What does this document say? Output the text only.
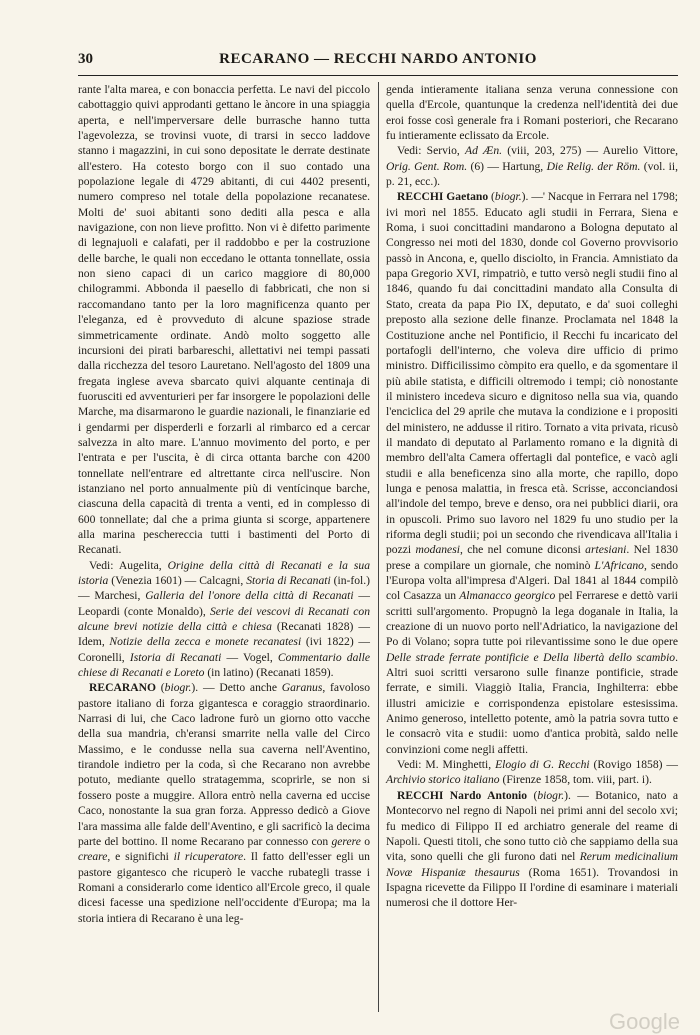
30	RECARANO — RECCHI NARDO ANTONIO

rante l'alta marea, e con bonaccia perfetta. Le navi del piccolo cabottaggio quivi approdanti gettano le àncore in una spiaggia aperta, e nell'imperversare delle burrasche hanno tutta l'agevolezza, se trovinsi vuote, di trarsi in secco laddove stanno i magazzini, in cui sono depositate le derrate destinate all'estero. Ha cotesto borgo con il suo contado una popolazione legale di 4729 abitanti, di cui 4402 presenti, numero compreso nel totale della popolazione recanatese. Molti de' suoi abitanti sono dediti alla pesca e alla navigazione, con non lieve profitto. Non vi è difetto parimente di legnajuoli e calafati, per il raddobbo e per la costruzione delle barche, le quali non eccedano le ottanta tonnellate, ossia non sieno capaci di un carico maggiore di 80,000 chilogrammi. Abbonda il paesello di fabbricati, che non si raccomandano tanto per la loro magnificenza quanto per l'eleganza, ed è provveduto di alcune spaziose strade simmetricamente ordinate. Andò molto soggetto alle incursioni dei pirati barbareschi, allettativi nei tempi passati dalla ricchezza del tesoro Lauretano. Nell'agosto del 1809 una fregata inglese aveva sbarcato quivi alquante centinaja di fuorusciti ed avventurieri per far insorgere le popolazioni delle Marche, ma disarmarono le guardie nazionali, le finanziarie ed i gendarmi per disperderli e forzarli al rimbarco ed a cercar salvezza in alto mare. L'annuo movimento del porto, e per l'entrata e per l'uscita, è di circa ottanta barche con 4200 tonnellate nell'entrare ed altrettante circa nell'uscire. Non istanziano nel porto annualmente più di ventícinque barche, ciascuna della capacità di trenta a venti, ed in complesso di 600 tonnellate; dal che a prima giunta si scorge, appartenere alla marina peschereccia tutti i bastimenti del Porto di Recanati.

Vedi: Augelita, Origine della città di Recanati e la sua istoria (Venezia 1601) — Calcagni, Storia di Recanati (in-fol.) — Marchesi, Galleria del l'onore della città di Recanati — Leopardi (conte Monaldo), Serie dei vescovi di Recanati con alcune brevi notizie della città e chiesa (Recanati 1828) — Idem, Notizie della zecca e monete recanatesi (ivi 1822) — Coronelli, Istoria di Recanati — Vogel, Commentario dalle chiese di Recanati e Loreto (in latino) (Recanati 1859).

RECARANO (biogr.). — Detto anche Garanus, favoloso pastore italiano di forza gigantesca e coraggio straordinario. Narrasi di lui, che Caco ladrone furò un giorno otto vacche della sua mandria, ch'eransi smarrite nella valle del Circo Massimo, e le condusse nella sua caverna nell'Aventino, tirandole indietro per la coda, sì che Recarano non avrebbe potuto, mediante quello stratagemma, scoprirle, se non si fossero poste a muggire. Allora entrò nella caverna ed uccise Caco, nonostante la sua gran forza. Appresso dedicò a Giove l'ara massima alle falde dell'Aventino, e gli sacrificò la decima parte del bottino. Il nome Recarano par connesso con gerere o creare, e significhi il ricuperatore. Il fatto dell'esser egli un pastore gigantesco che ricuperò le vacche rubategli trasse i Romani a considerarlo come identico all'Ercole greco, il quale dicesi facesse una spedizione nell'occidente d'Europa; ma la storia intiera di Recarano è una leg-

genda intieramente italiana senza veruna connessione con quella d'Ercole, quantunque la credenza nell'identità dei due eroi fosse così generale fra i Romani posteriori, che Recarano fu intieramente eclissato da Ercole.

Vedi: Servio, Ad Æn. (viii, 203, 275) — Aurelio Vittore, Orig. Gent. Rom. (6) — Hartung, Die Relig. der Röm. (vol. ii, p. 21, ecc.).

RECCHI Gaetano (biogr.). —' Nacque in Ferrara nel 1798; ivi morì nel 1855. Educato agli studii in Ferrara, Siena e Roma, i suoi concittadini mandarono a Bologna deputato al Congresso nei moti del 1830, donde col Governo provvisorio passò in Ancona, e, quello disciolto, in Francia. Amnistiato da papa Gregorio XVI, rimpatriò, e tutto versò negli studii fino al 1846, quando fu dai concittadini mandato alla Consulta di Stato, creata da papa Pio IX, deputato, e da' suoi colleghi preposto alla sezione delle finanze. Proclamata nel 1848 la Costituzione anche nel Pontificio, il Recchi fu incaricato del portafogli dell'interno, che voleva dire ufficio di primo ministro. Difficilissimo còmpito era quello, e da sgomentare il più abile statista, e difficili oltremodo i tempi; ciò nonostante il ministero incedeva sicuro e dignitoso nella sua via, quando l'enciclica del 29 aprile che mutava la condizione e i propositi del ministero, ne addusse il ritiro. Tornato a vita privata, ricusò il mandato di deputato al Parlamento romano e la dignità di membro dell'alta Camera offertagli dal pontefice, e vacò agli studii e alla beneficenza sino alla morte, che rapillo, dopo lunga e penosa malattia, in fresca età. Scrisse, acconciandosi all'indole del tempo, breve e denso, ora nei pubblici diarii, ora in opuscoli. Primo suo lavoro nel 1829 fu uno studio per la riforma degli studii; poi un secondo che rivendicava all'Italia i pozzi modanesi, che nel comune diconsi artesiani. Nel 1830 prese a compilare un giornale, che nominò L'Africano, sendo l'Europa volta all'impresa d'Algeri. Dal 1841 al 1844 compilò col Casazza un Almanacco georgico pel Ferrarese e dettò varii scritti sull'argomento. Propugnò la lega doganale in Italia, la creazione di un nuovo porto nell'Adriatico, la navigazione del Po di Volano; sopra tutte poi rilevantissime sono le due opere Delle strade ferrate pontificie e Della libertà dello scambio. Altri suoi scritti versarono sulle finanze pontificie, strade ferrate, e simili. Viaggiò Italia, Francia, Inghilterra: ebbe illustri amicizie e corrispondenza epistolare estesissima. Animo generoso, intelletto potente, amò la patria sovra tutto e le consacrò vita e studii: uomo d'antica probità, saldo nelle convinzioni come negli affetti.

Vedi: M. Minghetti, Elogio di G. Recchi (Rovigo 1858) — Archivio storico italiano (Firenze 1858, tom. viii, part. i).

RECCHI Nardo Antonio (biogr.). — Botanico, nato a Montecorvo nel regno di Napoli nei primi anni del secolo xvi; fu medico di Filippo II ed archiatro generale del reame di Napoli. Questi titoli, che sono tutto ciò che sappiamo della sua vita, sono quelli che gli furono dati nel Rerum medicinalium Novæ Hispaniæ thesaurus (Roma 1651). Trovandosi in Ispagna ricevette da Filippo II l'ordine di esaminare i materiali numerosi che il dottore Her-

Google
